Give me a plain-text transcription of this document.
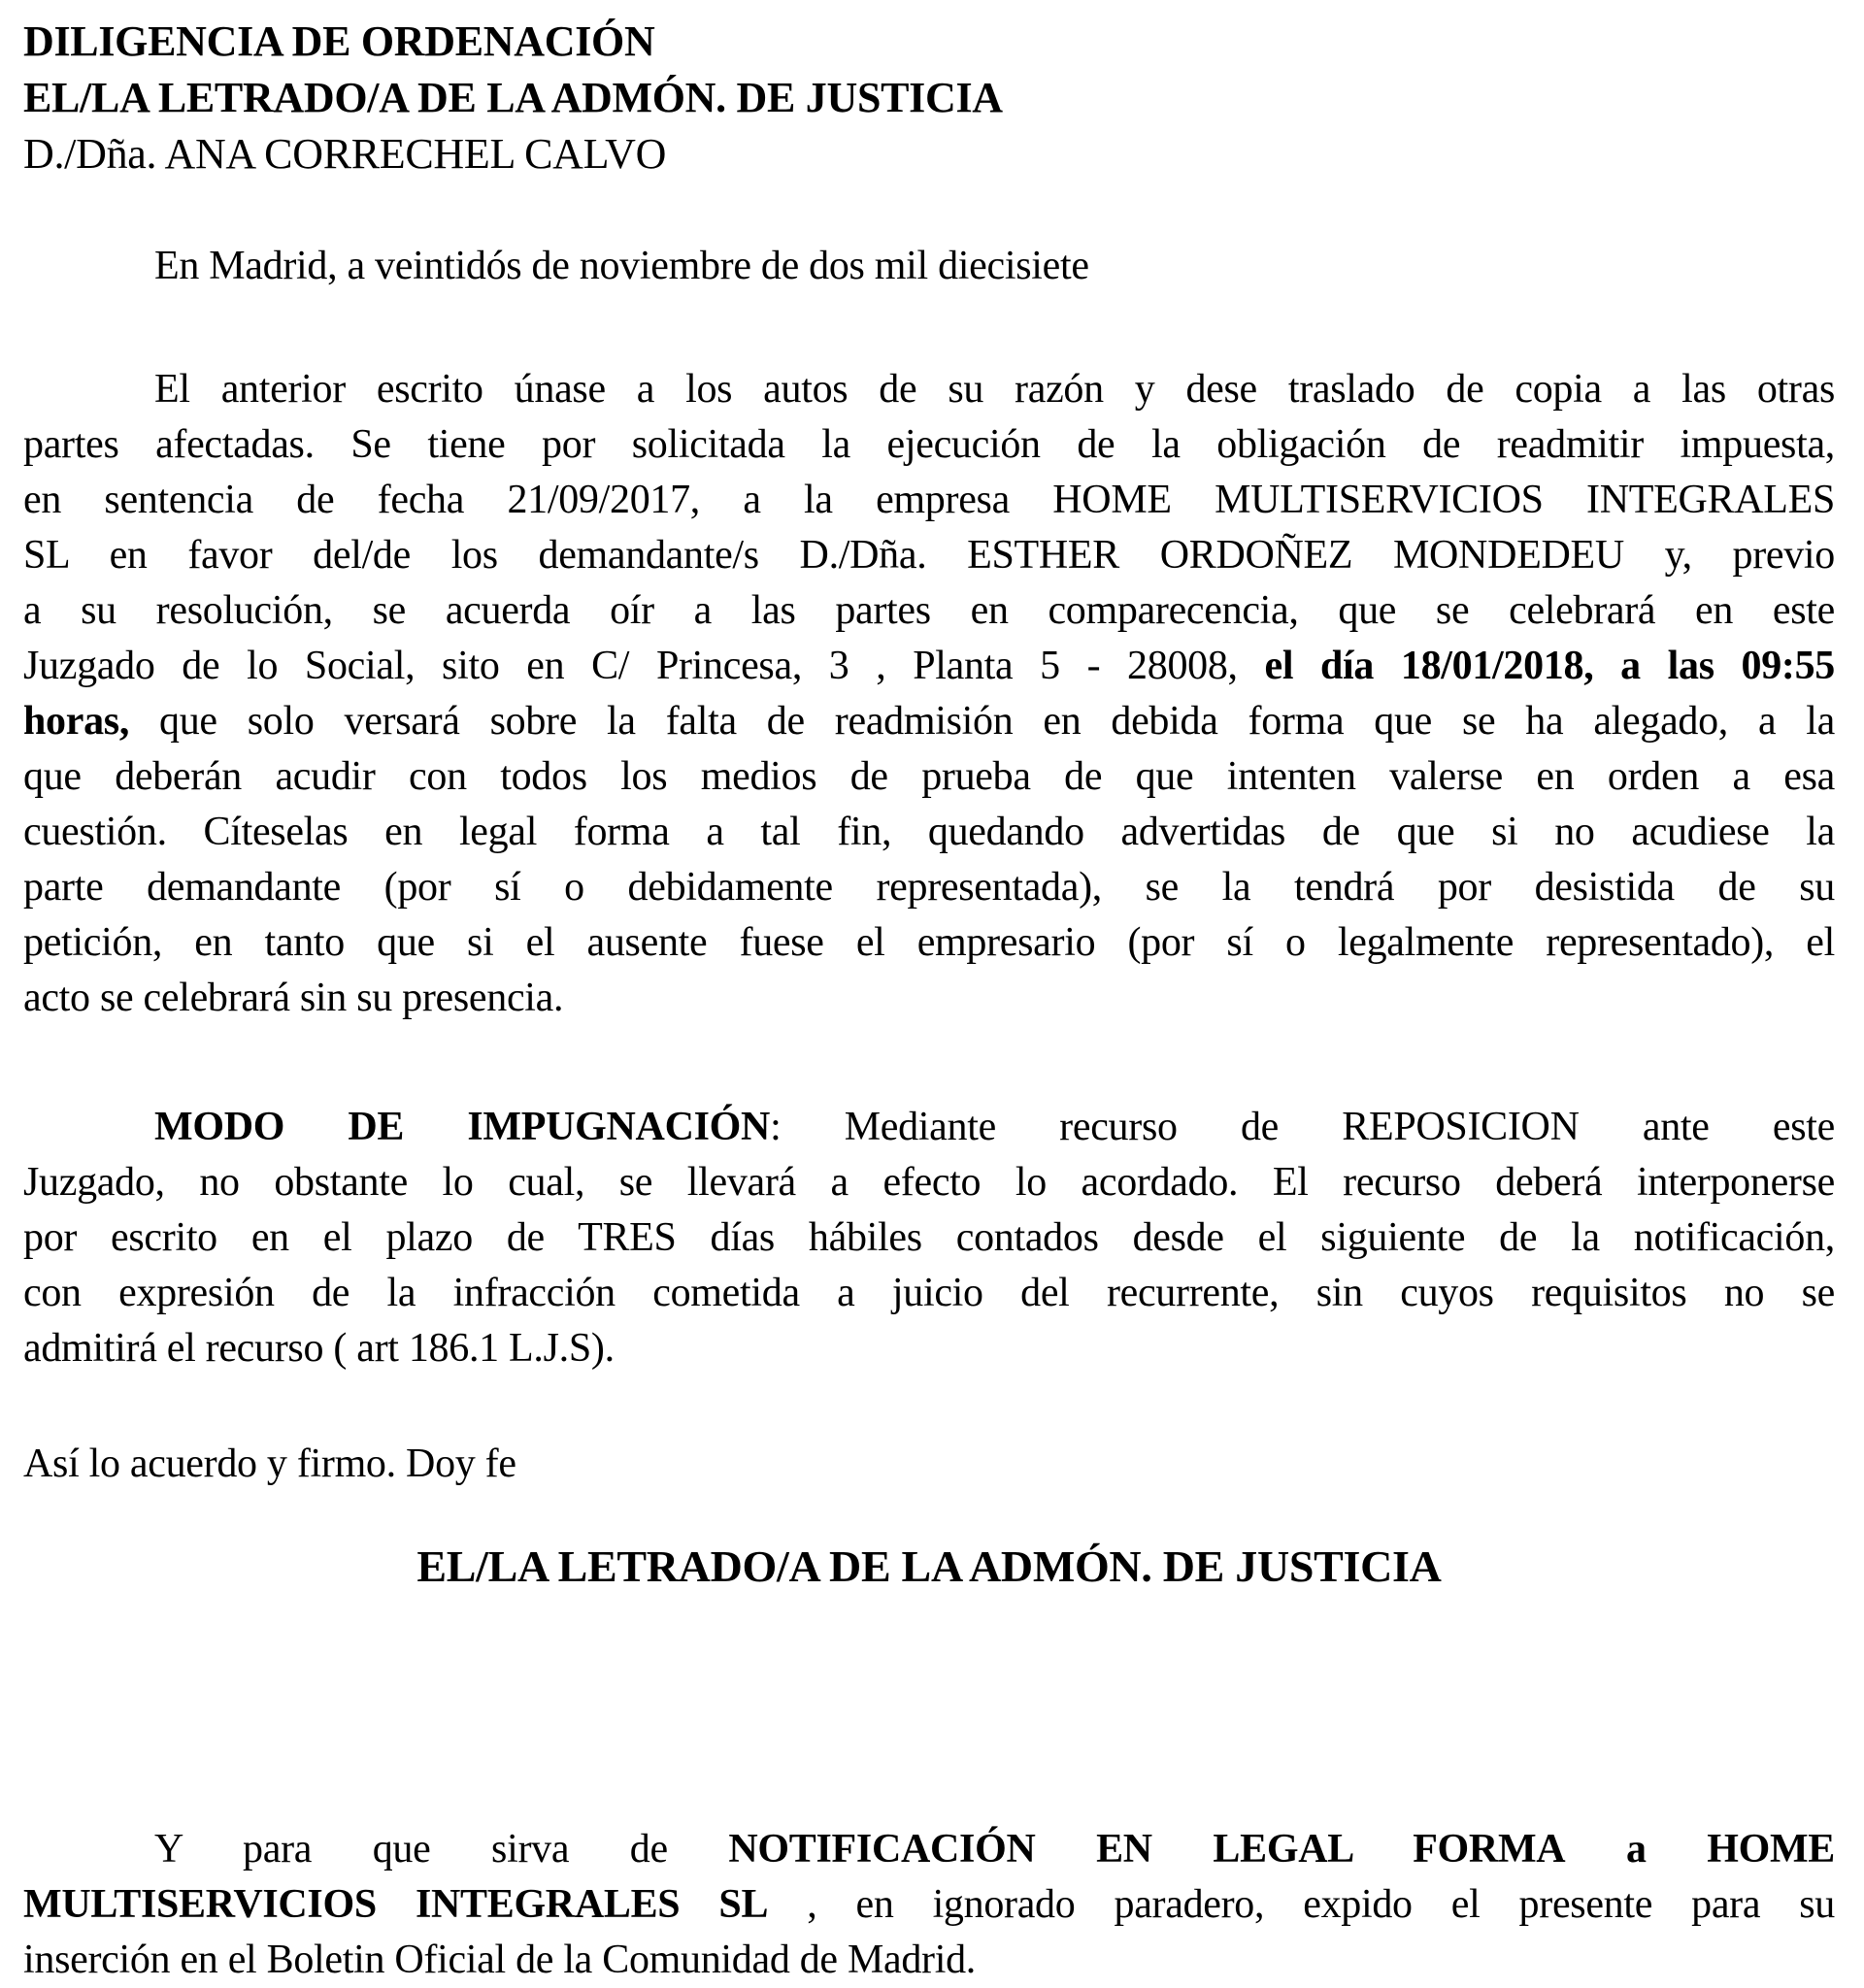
DILIGENCIA DE ORDENACIÓN
EL/LA LETRADO/A DE LA ADMÓN. DE JUSTICIA
D./Dña. ANA CORRECHEL CALVO

En Madrid, a veintidós de noviembre de dos mil diecisiete

El anterior escrito únase a los autos de su razón y dese traslado de copia a las otras
partes afectadas. Se tiene por solicitada la ejecución de la obligación de readmitir impuesta,
en sentencia de fecha 21/09/2017, a la empresa HOME MULTISERVICIOS INTEGRALES
SL en favor del/de los demandante/s D./Dña. ESTHER ORDOÑEZ MONDEDEU y, previo
a su resolución, se acuerda oír a las partes en comparecencia, que se celebrará en este
Juzgado de lo Social, sito en C/ Princesa, 3 , Planta 5 - 28008, el día 18/01/2018, a las 09:55
horas, que solo versará sobre la falta de readmisión en debida forma que se ha alegado, a la
que deberán acudir con todos los medios de prueba de que intenten valerse en orden a esa
cuestión. Cíteselas en legal forma a tal fin, quedando advertidas de que si no acudiese la
parte demandante (por sí o debidamente representada), se la tendrá por desistida de su
petición, en tanto que si el ausente fuese el empresario (por sí o legalmente representado), el
acto se celebrará sin su presencia.
MODO DE IMPUGNACIÓN: Mediante recurso de REPOSICION ante este
Juzgado, no obstante lo cual, se llevará a efecto lo acordado. El recurso deberá interponerse
por escrito en el plazo de TRES días hábiles contados desde el siguiente de la notificación,
con expresión de la infracción cometida a juicio del recurrente, sin cuyos requisitos no se
admitirá el recurso ( art 186.1 L.J.S).

Así lo acuerdo y firmo. Doy fe

EL/LA LETRADO/A DE LA ADMÓN. DE JUSTICIA
Y para que sirva de NOTIFICACIÓN EN LEGAL FORMA a HOME
MULTISERVICIOS INTEGRALES SL , en ignorado paradero, expido el presente para su
inserción en el Boletin Oficial de la Comunidad de Madrid.
